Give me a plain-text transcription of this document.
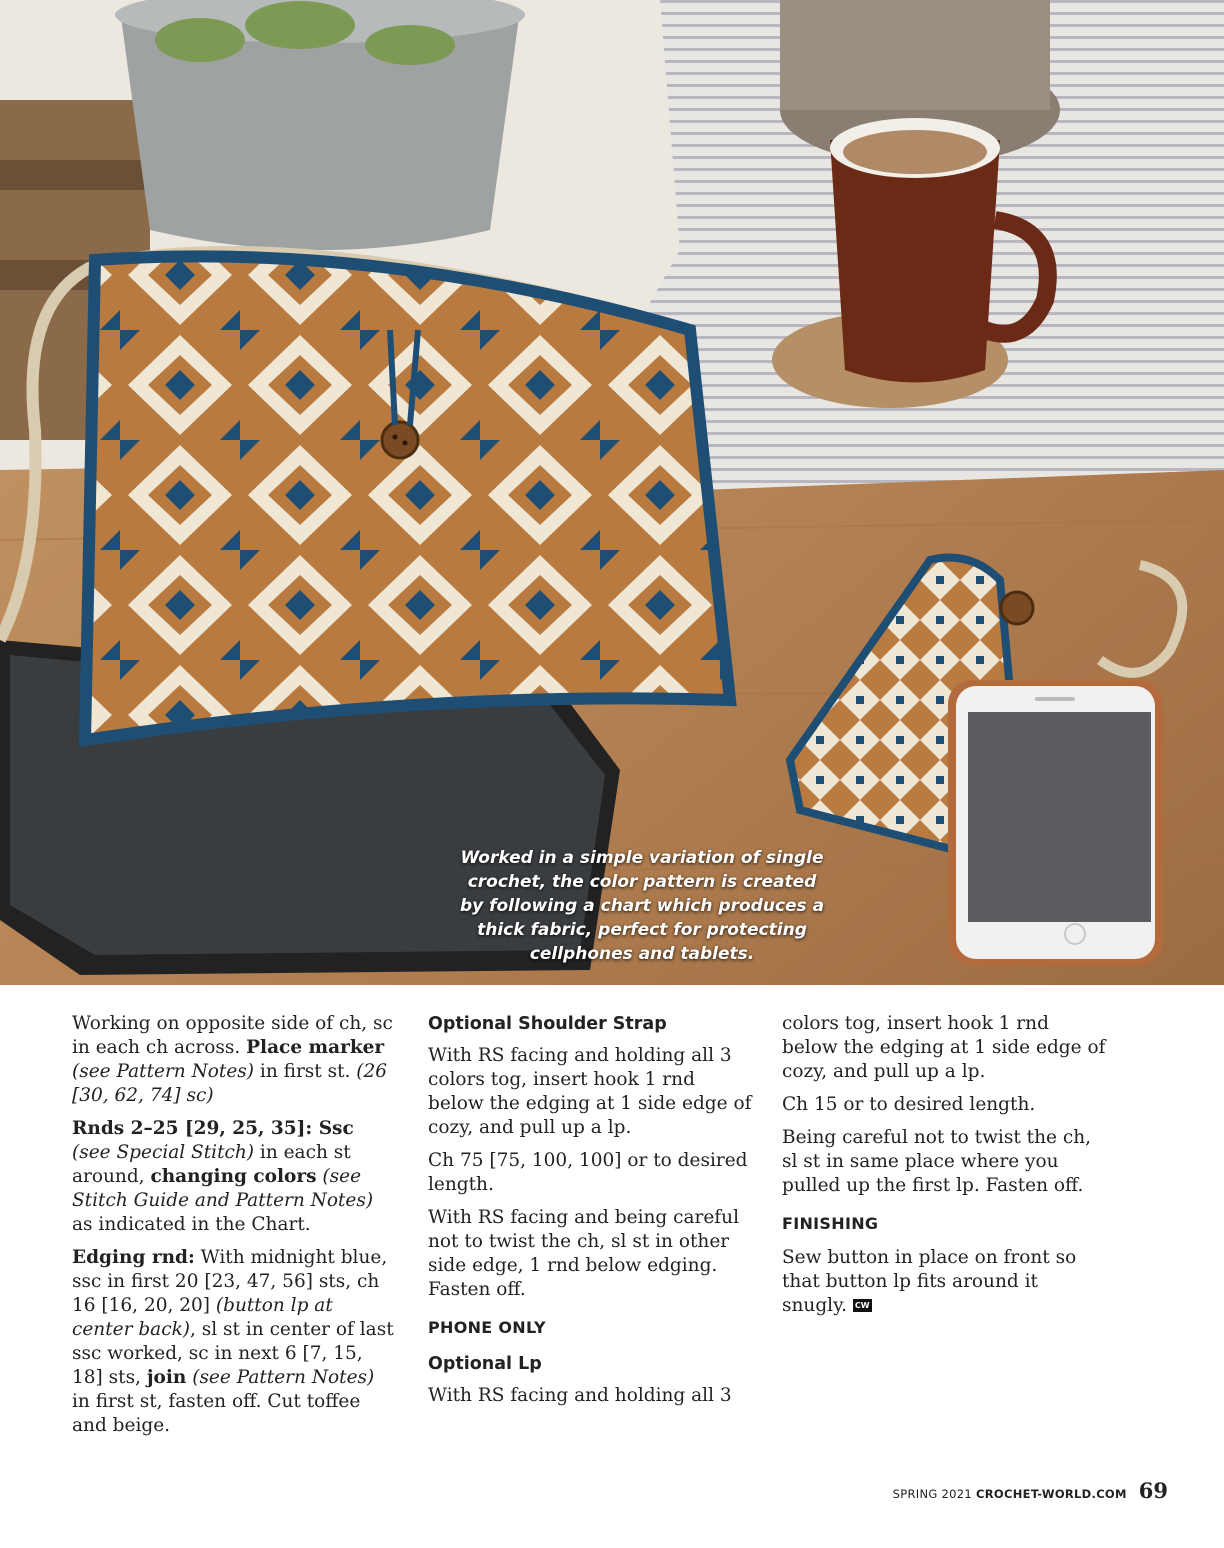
Worked in a simple variation of single crochet, the color pattern is created by following a chart which produces a thick fabric, perfect for protecting cellphones and tablets.

Working on opposite side of ch, sc in each ch across. Place marker (see Pattern Notes) in first st. (26 [30, 62, 74] sc)

Rnds 2–25 [29, 25, 35]: Ssc (see Special Stitch) in each st around, changing colors (see Stitch Guide and Pattern Notes) as indicated in the Chart.

Edging rnd: With midnight blue, ssc in first 20 [23, 47, 56] sts, ch 16 [16, 20, 20] (button lp at center back), sl st in center of last ssc worked, sc in next 6 [7, 15, 18] sts, join (see Pattern Notes) in first st, fasten off. Cut toffee and beige.

Optional Shoulder Strap

With RS facing and holding all 3 colors tog, insert hook 1 rnd below the edging at 1 side edge of cozy, and pull up a lp.

Ch 75 [75, 100, 100] or to desired length.

With RS facing and being careful not to twist the ch, sl st in other side edge, 1 rnd below edging. Fasten off.

PHONE ONLY
Optional Lp

With RS facing and holding all 3

colors tog, insert hook 1 rnd below the edging at 1 side edge of cozy, and pull up a lp.

Ch 15 or to desired length.

Being careful not to twist the ch, sl st in same place where you pulled up the first lp. Fasten off.

FINISHING

Sew button in place on front so that button lp fits around it snugly. CW

SPRING 2021 CROCHET-WORLD.COM 69
